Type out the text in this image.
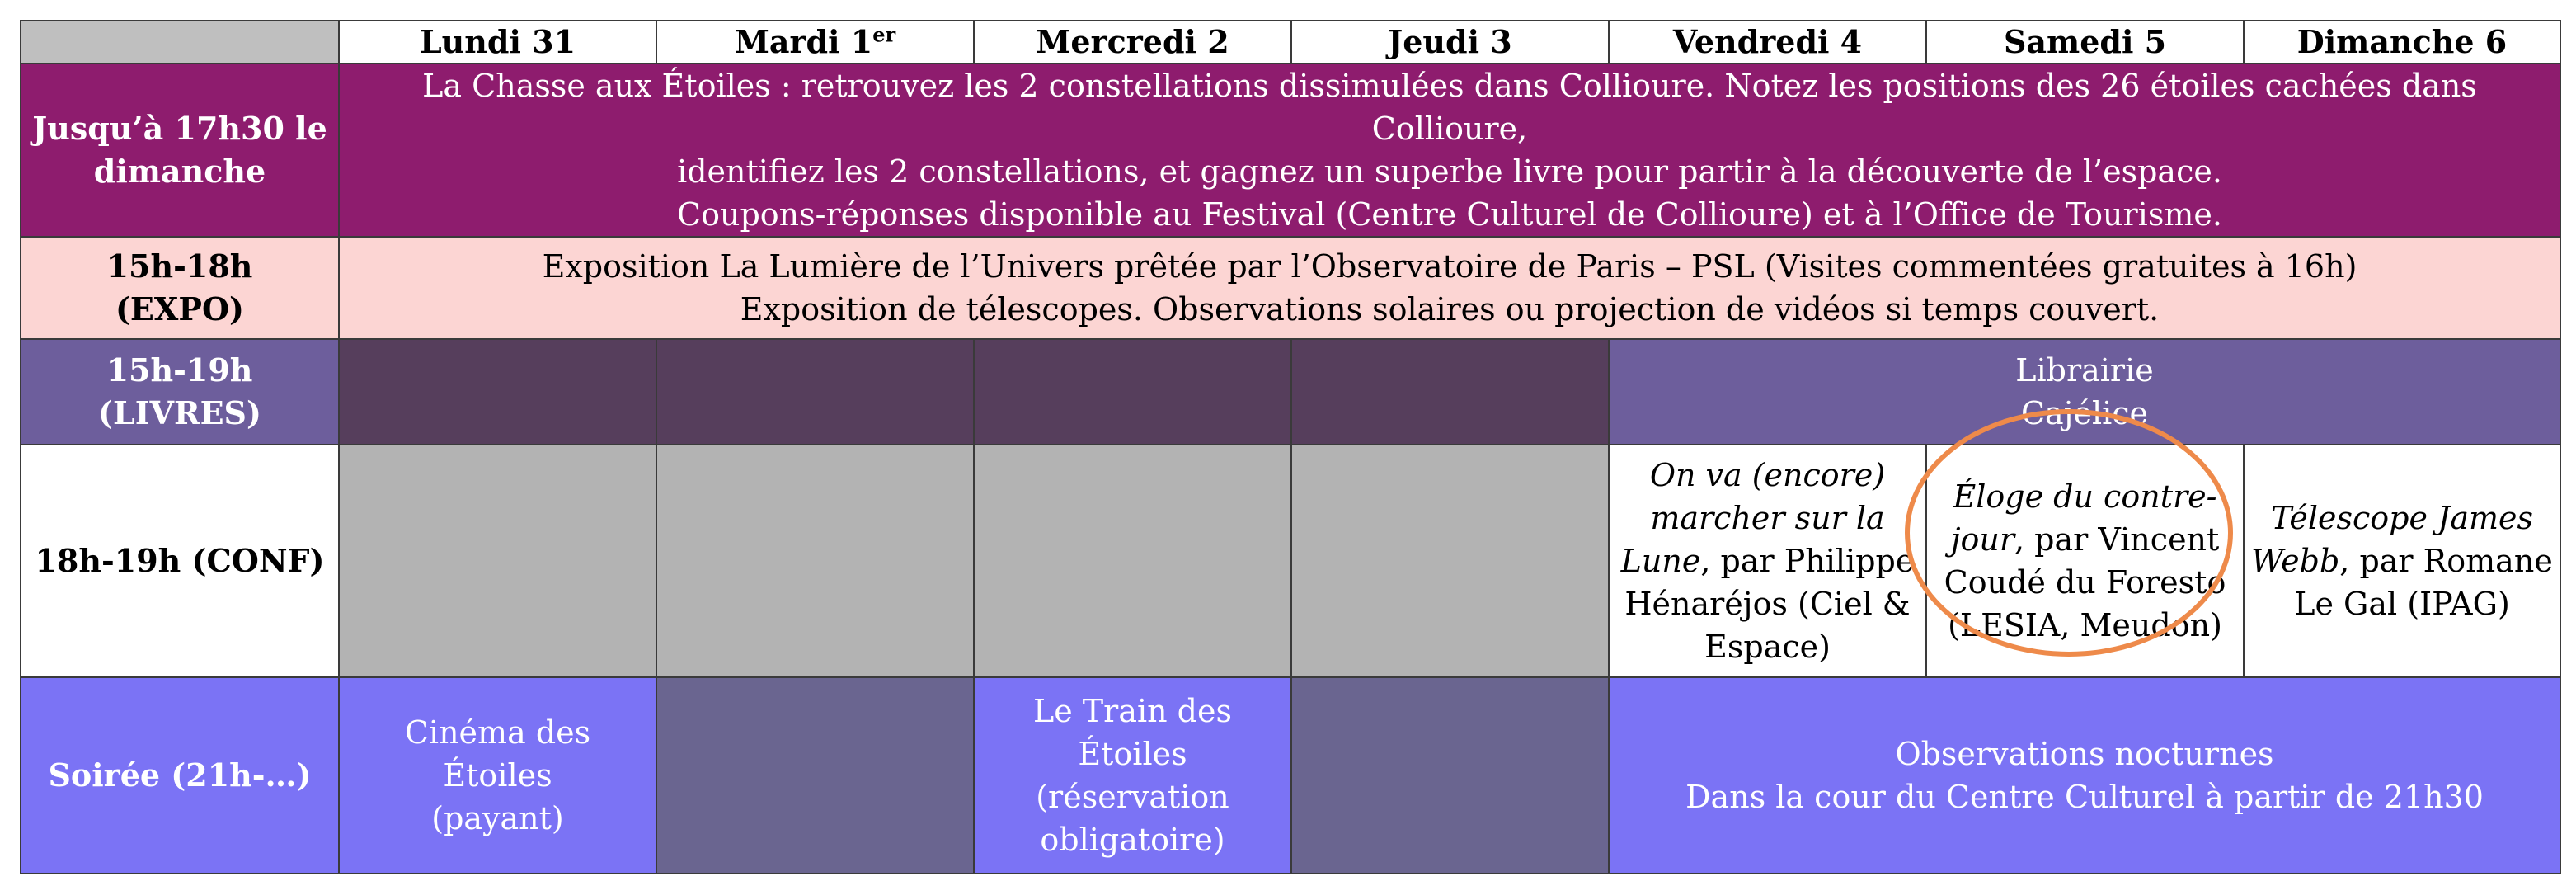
	Lundi 31	Mardi 1er	Mercredi 2	Jeudi 3	Vendredi 4	Samedi 5	Dimanche 6

Jusqu’à 17h30 le
dimanche	La Chasse aux Étoiles : retrouvez les 2 constellations dissimulées dans Collioure. Notez les positions des 26 étoiles cachées dans Collioure,
identifiez les 2 constellations, et gagnez un superbe livre pour partir à la découverte de l’espace.
Coupons-réponses disponible au Festival (Centre Culturel de Collioure) et à l’Office de Tourisme.						

15h-18h
(EXPO)	Exposition La Lumière de l’Univers prêtée par l’Observatoire de Paris – PSL (Visites commentées gratuites à 16h)
Exposition de télescopes. Observations solaires ou projection de vidéos si temps couvert.						

15h-19h
(LIVRES)					Librairie
Cajélice		

18h-19h (CONF)					On va (encore) marcher sur la Lune, par Philippe Hénaréjos (Ciel & Espace)	Éloge du contre-jour, par Vincent Coudé du Foresto (LESIA, Meudon)	Télescope James Webb, par Romane Le Gal (IPAG)
Soirée (21h-…)	Cinéma des Étoiles
(payant)		Le Train des Étoiles
(réservation
obligatoire)		Observations nocturnes
Dans la cour du Centre Culturel à partir de 21h30		
